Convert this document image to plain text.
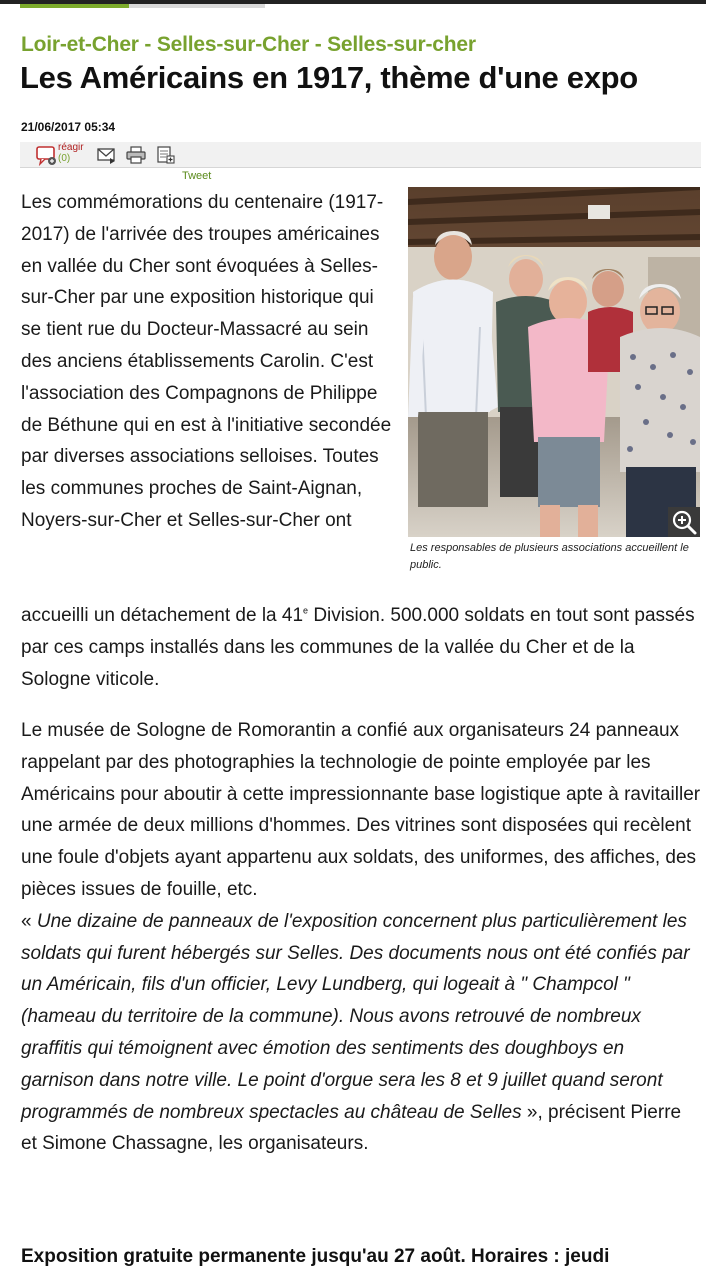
Loir-et-Cher - Selles-sur-Cher - Selles-sur-cher
Les Américains en 1917, thème d'une expo
21/06/2017 05:34
réagir
(0)
Tweet

Les responsables de plusieurs associations accueillent le public.

Les commémorations du centenaire (1917-2017) de l'arrivée des troupes américaines en vallée du Cher sont évoquées à Selles-sur-Cher par une exposition historique qui se tient rue du Docteur-Massacré au sein des anciens établissements Carolin. C'est l'association des Compagnons de Philippe de Béthune qui en est à l'initiative secondée par diverses associations selloises. Toutes les communes proches de Saint-Aignan, Noyers-sur-Cher et Selles-sur-Cher ont

accueilli un détachement de la 41e Division. 500.000 soldats en tout sont passés par ces camps installés dans les communes de la vallée du Cher et de la Sologne viticole.

Le musée de Sologne de Romorantin a confié aux organisateurs 24 panneaux rappelant par des photographies la technologie de pointe employée par les Américains pour aboutir à cette impressionnante base logistique apte à ravitailler une armée de deux millions d'hommes. Des vitrines sont disposées qui recèlent une foule d'objets ayant appartenu aux soldats, des uniformes, des affiches, des pièces issues de fouille, etc.
« Une dizaine de panneaux de l'exposition concernent plus particulièrement les soldats qui furent hébergés sur Selles. Des documents nous ont été confiés par un Américain, fils d'un officier, Levy Lundberg, qui logeait à " Champcol " (hameau du territoire de la commune). Nous avons retrouvé de nombreux graffitis qui témoignent avec émotion des sentiments des doughboys en garnison dans notre ville. Le point d'orgue sera les 8 et 9 juillet quand seront programmés de nombreux spectacles au château de Selles », précisent Pierre et Simone Chassagne, les organisateurs.

Exposition gratuite permanente jusqu'au 27 août. Horaires : jeudi
